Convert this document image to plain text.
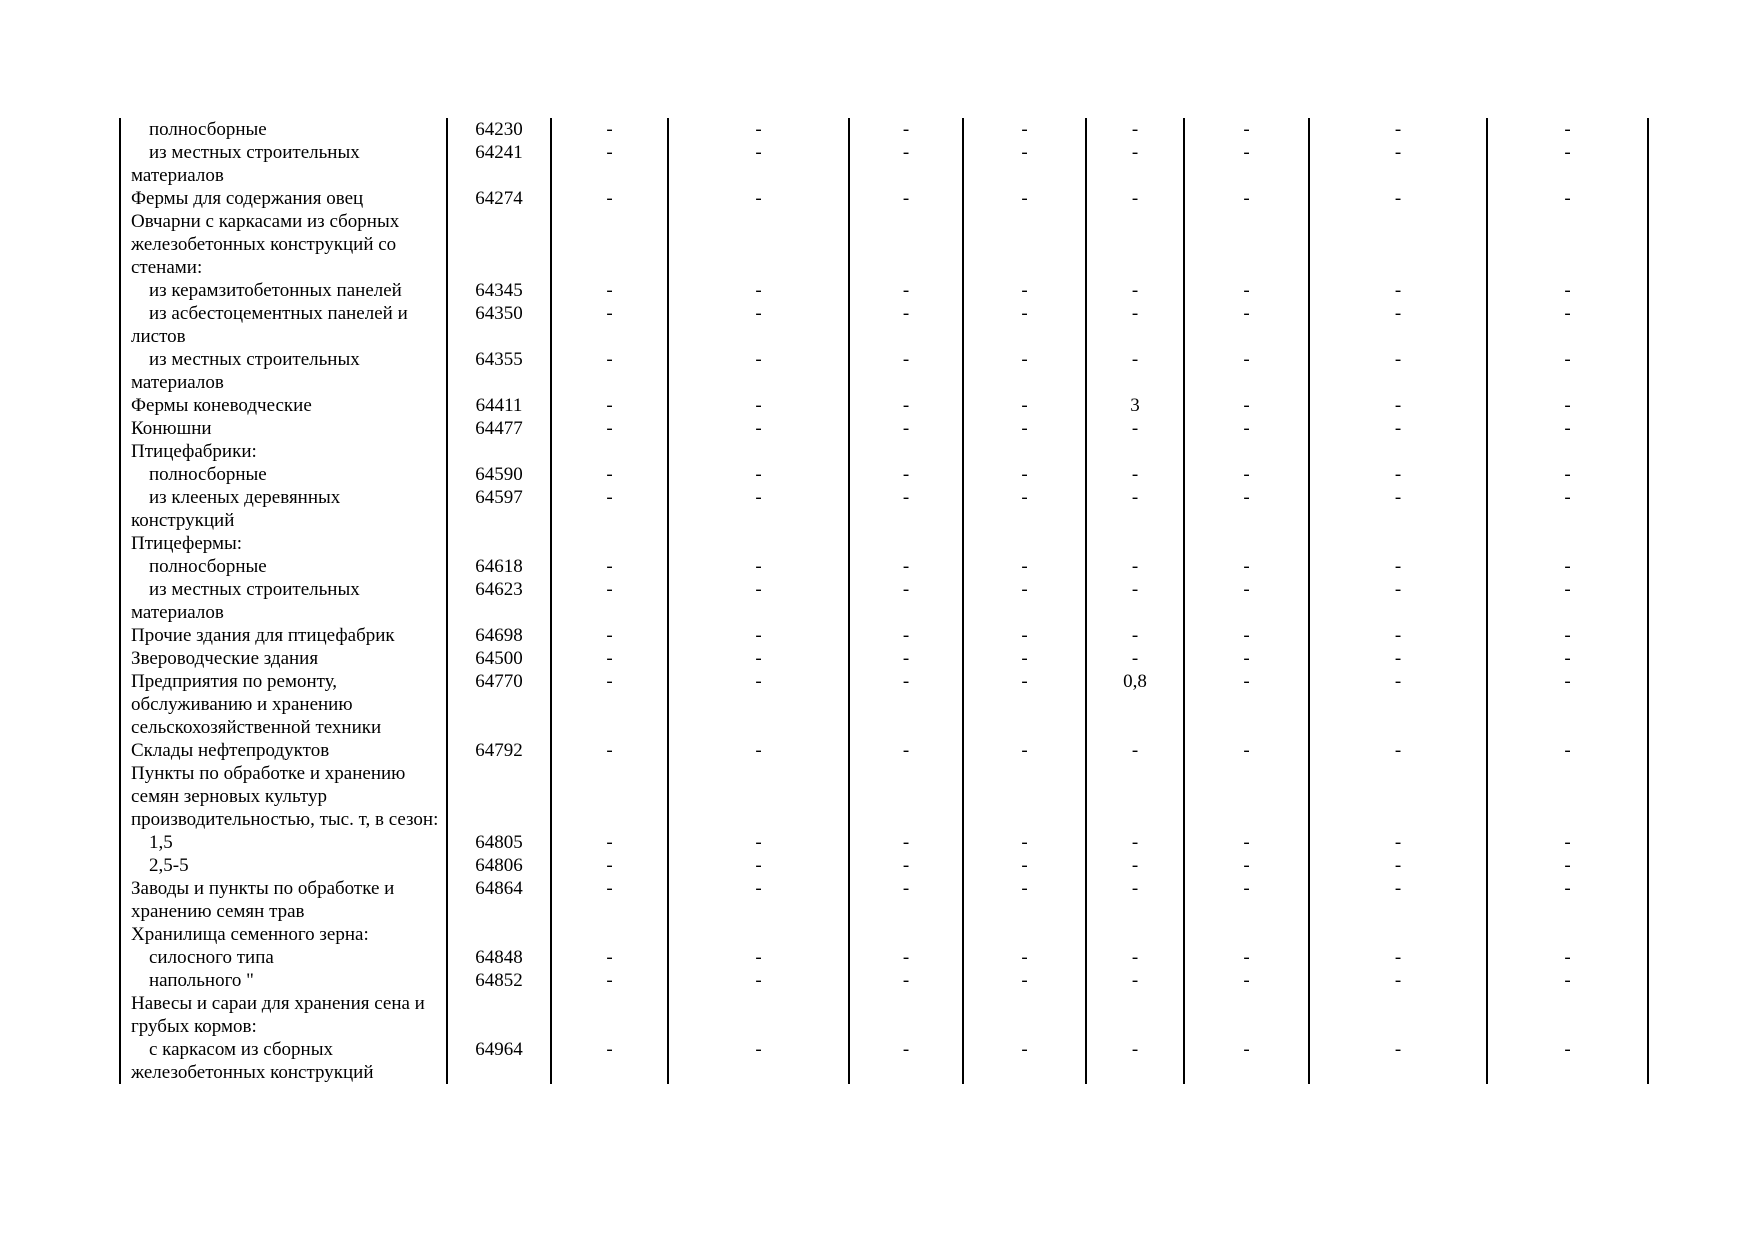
полносборные	64230	-	-	-	-	-	-	-	-
из местных строительных материалов	64241	-	-	-	-	-	-	-	-
Фермы для содержания овец	64274	-	-	-	-	-	-	-	-
Овчарни с каркасами из сборных железобетонных конструкций со стенами:									
из керамзитобетонных панелей	64345	-	-	-	-	-	-	-	-
из асбестоцементных панелей и листов	64350	-	-	-	-	-	-	-	-
из местных строительных материалов	64355	-	-	-	-	-	-	-	-
Фермы коневодческие	64411	-	-	-	-	3	-	-	-
Конюшни	64477	-	-	-	-	-	-	-	-
Птицефабрики:									
полносборные	64590	-	-	-	-	-	-	-	-
из клееных деревянных конструкций	64597	-	-	-	-	-	-	-	-
Птицефермы:									
полносборные	64618	-	-	-	-	-	-	-	-
из местных строительных материалов	64623	-	-	-	-	-	-	-	-
Прочие здания для птицефабрик	64698	-	-	-	-	-	-	-	-
Звероводческие здания	64500	-	-	-	-	-	-	-	-
Предприятия по ремонту, обслуживанию и хранению сельскохозяйственной техники	64770	-	-	-	-	0,8	-	-	-
Склады нефтепродуктов	64792	-	-	-	-	-	-	-	-
Пункты по обработке и хранению семян зерновых культур производительностью, тыс. т, в сезон:									
1,5	64805	-	-	-	-	-	-	-	-
2,5-5	64806	-	-	-	-	-	-	-	-
Заводы и пункты по обработке и хранению семян трав	64864	-	-	-	-	-	-	-	-
Хранилища семенного зерна:									
силосного типа	64848	-	-	-	-	-	-	-	-
напольного "	64852	-	-	-	-	-	-	-	-
Навесы и сараи для хранения сена и грубых кормов:									
с каркасом из сборных железобетонных конструкций	64964	-	-	-	-	-	-	-	-
